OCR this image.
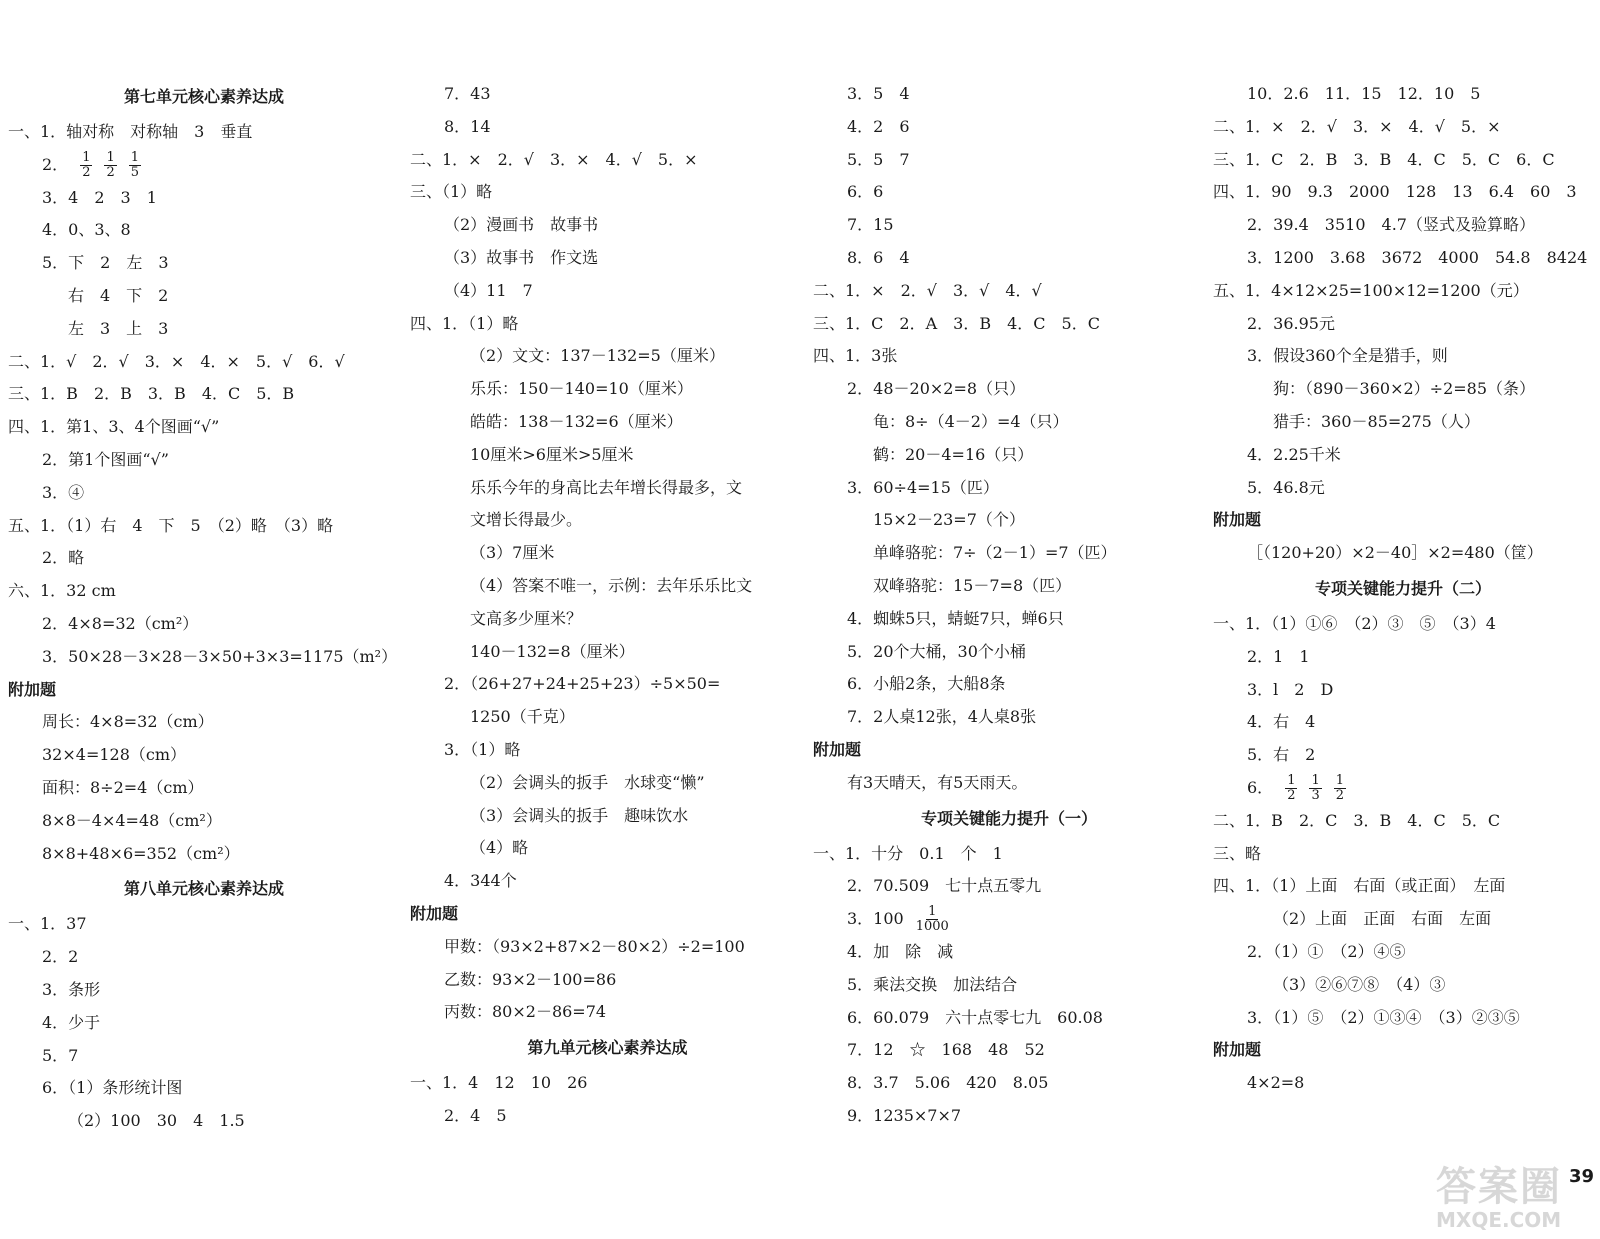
第七单元核心素养达成
一、1．轴对称　对称轴　3　垂直
2． $\frac{1}{2} \frac{1}{2} \frac{1}{5}$
3．4　2　3　1
4．0、3、8
5．下　2　左　3
右　4　下　2
左　3　上　3
二、1．√　2．√　3．×　4．×　5．√　6．√
三、1．B　2．B　3．B　4．C　5．B
四、1．第1、3、4个图画“√”
2．第1个图画“√”
3．④
五、1．（1）右　4　下　5　（2）略　（3）略
2．略
六、1．32 cm
2．4×8=32（cm²）
3．50×28－3×28－3×50+3×3=1175（m²）
附加题
周长：4×8=32（cm）
32×4=128（cm）
面积：8÷2=4（cm）
8×8－4×4=48（cm²）
8×8+48×6=352（cm²）
第八单元核心素养达成
一、1．37
2．2
3．条形
4．少于
5．7
6．（1）条形统计图
（2）100　30　4　1.5
7．43
8．14
二、1．×　2．√　3．×　4．√　5．×
三、（1）略
（2）漫画书　故事书
（3）故事书　作文选
（4）11　7
四、1．（1）略
（2）文文：137－132=5（厘米）
乐乐：150－140=10（厘米）
皓皓：138－132=6（厘米）
10厘米>6厘米>5厘米
乐乐今年的身高比去年增长得最多，文
文增长得最少。
（3）7厘米
（4）答案不唯一，示例：去年乐乐比文
文高多少厘米？
140－132=8（厘米）
2．（26+27+24+25+23）÷5×50=
1250（千克）
3．（1）略
（2）会调头的扳手　水球变“懒”
（3）会调头的扳手　趣味饮水
（4）略
4．344个
附加题
甲数：（93×2+87×2－80×2）÷2=100
乙数：93×2－100=86
丙数：80×2－86=74
第九单元核心素养达成
一、1．4　12　10　26
2．4　5
3．5　4
4．2　6
5．5　7
6．6
7．15
8．6　4
二、1．×　2．√　3．√　4．√
三、1．C　2．A　3．B　4．C　5．C
四、1．3张
2．48－20×2=8（只）
龟：8÷（4－2）=4（只）
鹤：20－4=16（只）
3．60÷4=15（匹）
15×2－23=7（个）
单峰骆驼：7÷（2－1）=7（匹）
双峰骆驼：15－7=8（匹）
4．蜘蛛5只，蜻蜓7只，蝉6只
5．20个大桶，30个小桶
6．小船2条，大船8条
7．2人桌12张，4人桌8张
附加题
有3天晴天，有5天雨天。
专项关键能力提升（一）
一、1．十分　0.1　个　1
2．70.509　七十点五零九
3．$100 \frac{1}{1000}$
4．加　除　减
5．乘法交换　加法结合
6．60.079　六十点零七九　60.08
7．12　☆　168　48　52
8．3.7　5.06　420　8.05
9．1235×7×7
10．2.6　11．15　12．10　5
二、1．×　2．√　3．×　4．√　5．×
三、1．C　2．B　3．B　4．C　5．C　6．C
四、1．90　9.3　2000　128　13　6.4　60　3
2．39.4　3510　4.7（竖式及验算略）
3．1200　3.68　3672　4000　54.8　8424
五、1．4×12×25=100×12=1200（元）
2．36.95元
3．假设360个全是猎手，则
狗：（890－360×2）÷2=85（条）
猎手：360－85=275（人）
4．2.25千米
5．46.8元
附加题
［（120+20）×2－40］×2=480（筐）
专项关键能力提升（二）
一、1．（1）①⑥　（2）③　⑤　（3）4
2．1　1
3．l　2　D
4．右　4
5．右　2
6． $\frac{1}{2} \frac{1}{3} \frac{1}{2}$
二、1．B　2．C　3．B　4．C　5．C
三、略
四、1．（1）上面　右面（或正面）　左面
（2）上面　正面　右面　左面
2．（1）①　（2）④⑤
（3）②⑥⑦⑧　（4）③
3．（1）⑤　（2）①③④　（3）②③⑤
附加题
4×2=8
39
答案圈
MXQE.COM
